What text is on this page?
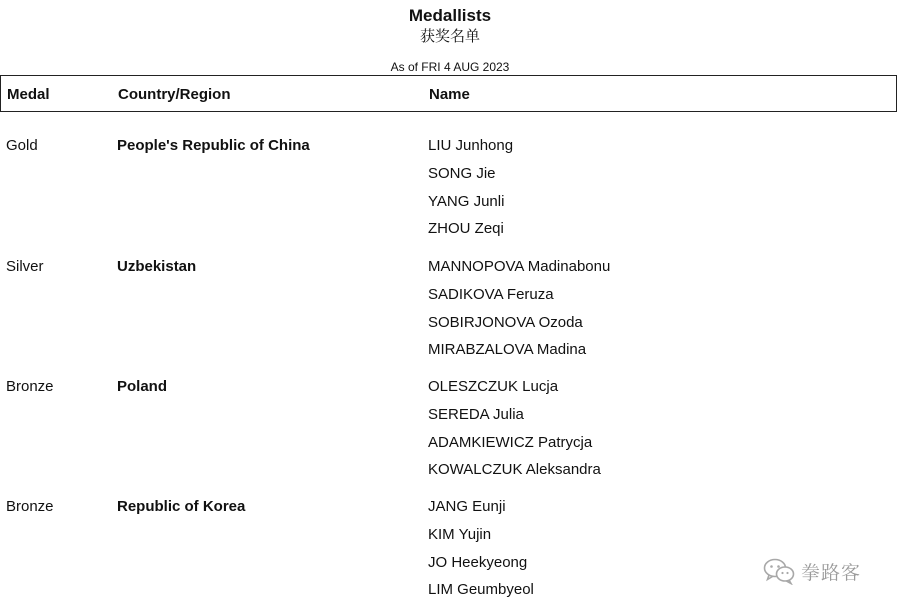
Medallists
获奖名单
As of FRI 4 AUG 2023
Medal	Country/Region	Name
Gold	People's Republic of China	LIU Junhong
SONG Jie
YANG Junli
ZHOU Zeqi
Silver	Uzbekistan	MANNOPOVA Madinabonu
SADIKOVA Feruza
SOBIRJONOVA Ozoda
MIRABZALOVA Madina
Bronze	Poland	OLESZCZUK Lucja
SEREDA Julia
ADAMKIEWICZ Patrycja
KOWALCZUK Aleksandra
Bronze	Republic of Korea	JANG Eunji
KIM Yujin
JO Heekyeong
LIM Geumbyeol
拳路客
